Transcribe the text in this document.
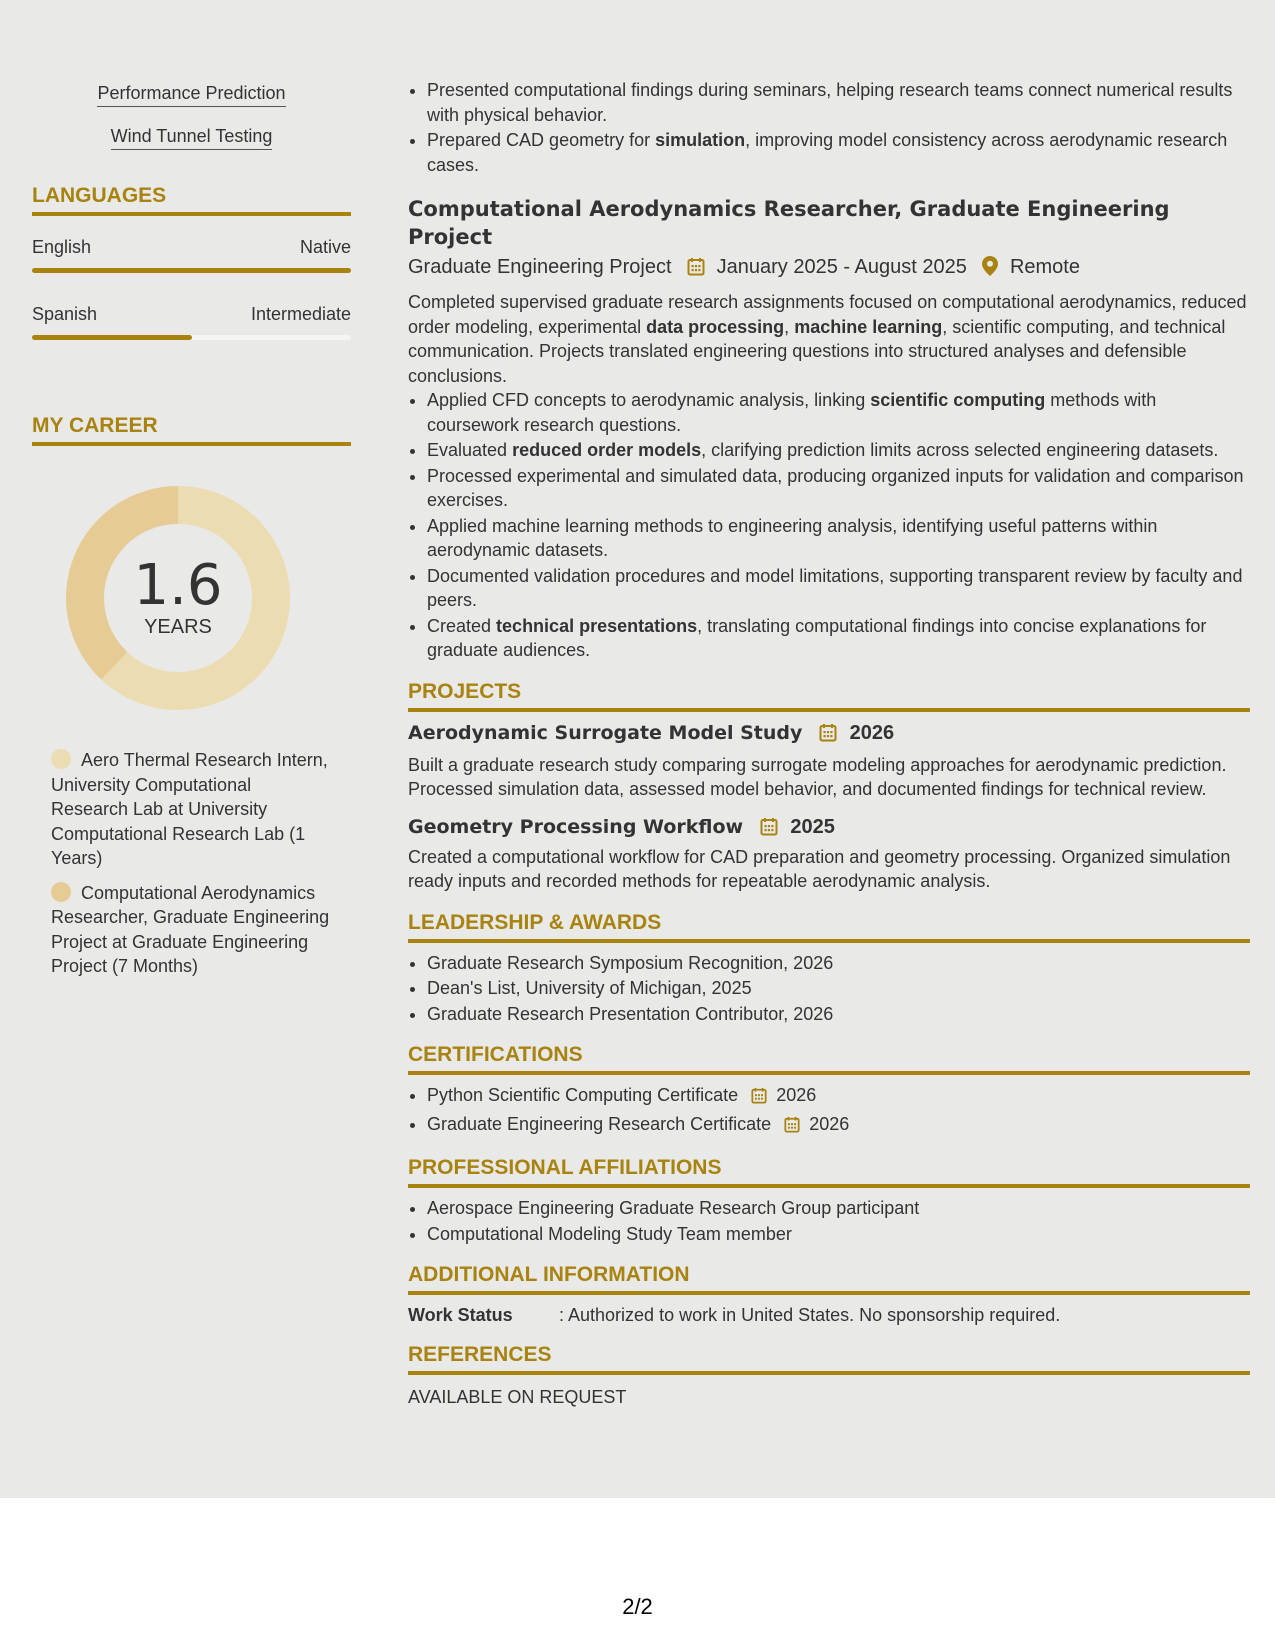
Performance Prediction
Wind Tunnel Testing
LANGUAGES
English	Native
Spanish	Intermediate
MY CAREER
1.6
YEARS
Aero Thermal Research Intern, University Computational Research Lab at University Computational Research Lab (1 Years)
Computational Aerodynamics Researcher, Graduate Engineering Project at Graduate Engineering Project (7 Months)
• Presented computational findings during seminars, helping research teams connect numerical results with physical behavior.
• Prepared CAD geometry for simulation, improving model consistency across aerodynamic research cases.
Computational Aerodynamics Researcher, Graduate Engineering Project
Graduate Engineering Project January 2025 - August 2025 Remote
Completed supervised graduate research assignments focused on computational aerodynamics, reduced order modeling, experimental data processing, machine learning, scientific computing, and technical communication. Projects translated engineering questions into structured analyses and defensible conclusions.
• Applied CFD concepts to aerodynamic analysis, linking scientific computing methods with coursework research questions.
• Evaluated reduced order models, clarifying prediction limits across selected engineering datasets.
• Processed experimental and simulated data, producing organized inputs for validation and comparison exercises.
• Applied machine learning methods to engineering analysis, identifying useful patterns within aerodynamic datasets.
• Documented validation procedures and model limitations, supporting transparent review by faculty and peers.
• Created technical presentations, translating computational findings into concise explanations for graduate audiences.
PROJECTS
Aerodynamic Surrogate Model Study 2026
Built a graduate research study comparing surrogate modeling approaches for aerodynamic prediction. Processed simulation data, assessed model behavior, and documented findings for technical review.
Geometry Processing Workflow 2025
Created a computational workflow for CAD preparation and geometry processing. Organized simulation ready inputs and recorded methods for repeatable aerodynamic analysis.
LEADERSHIP & AWARDS
• Graduate Research Symposium Recognition, 2026
• Dean's List, University of Michigan, 2025
• Graduate Research Presentation Contributor, 2026
CERTIFICATIONS
• Python Scientific Computing Certificate 2026
• Graduate Engineering Research Certificate 2026
PROFESSIONAL AFFILIATIONS
• Aerospace Engineering Graduate Research Group participant
• Computational Modeling Study Team member
ADDITIONAL INFORMATION
Work Status	: Authorized to work in United States. No sponsorship required.
REFERENCES
AVAILABLE ON REQUEST
2/2
